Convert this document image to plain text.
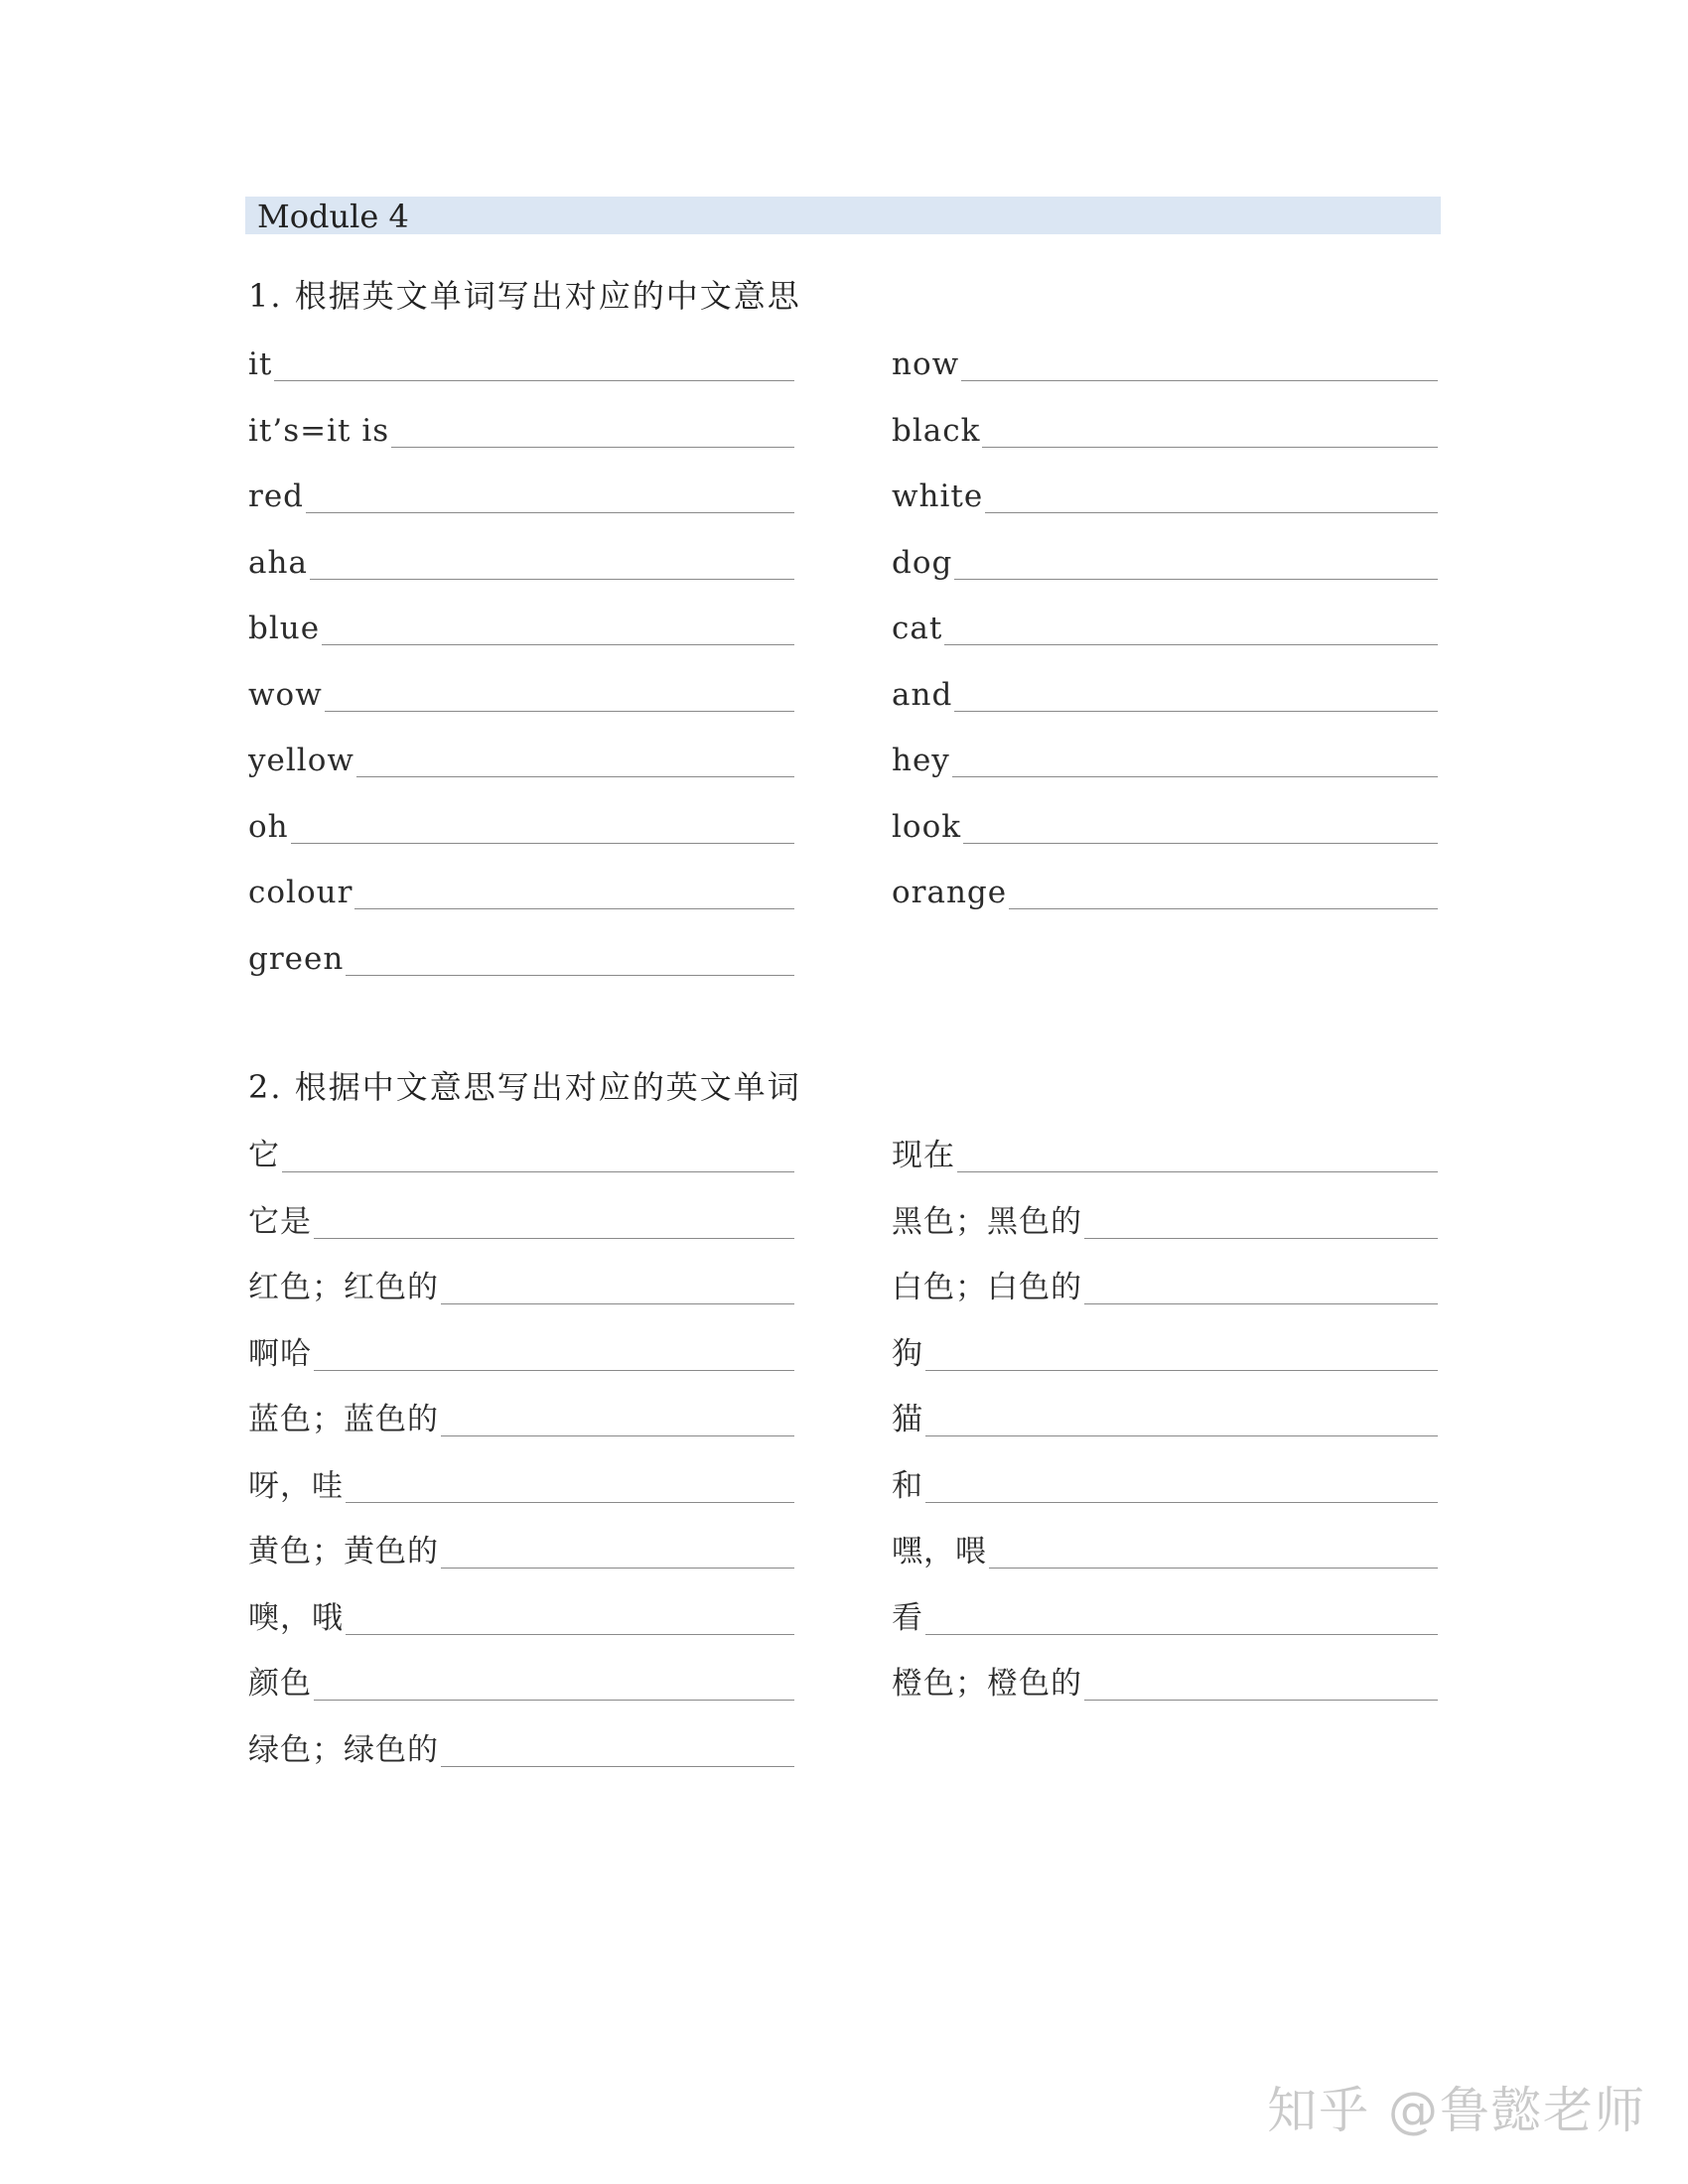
Module 4
1. 根据英文单词写出对应的中文意思
it
it’s=it is
red
aha
blue
wow
yellow
oh
colour
green
now
black
white
dog
cat
and
hey
look
orange
2. 根据中文意思写出对应的英文单词
它
它是
红色；红色的
啊哈
蓝色；蓝色的
呀，哇
黄色；黄色的
噢，哦
颜色
绿色；绿色的
现在
黑色；黑色的
白色；白色的
狗
猫
和
嘿，喂
看
橙色；橙色的
知乎 @鲁懿老师
